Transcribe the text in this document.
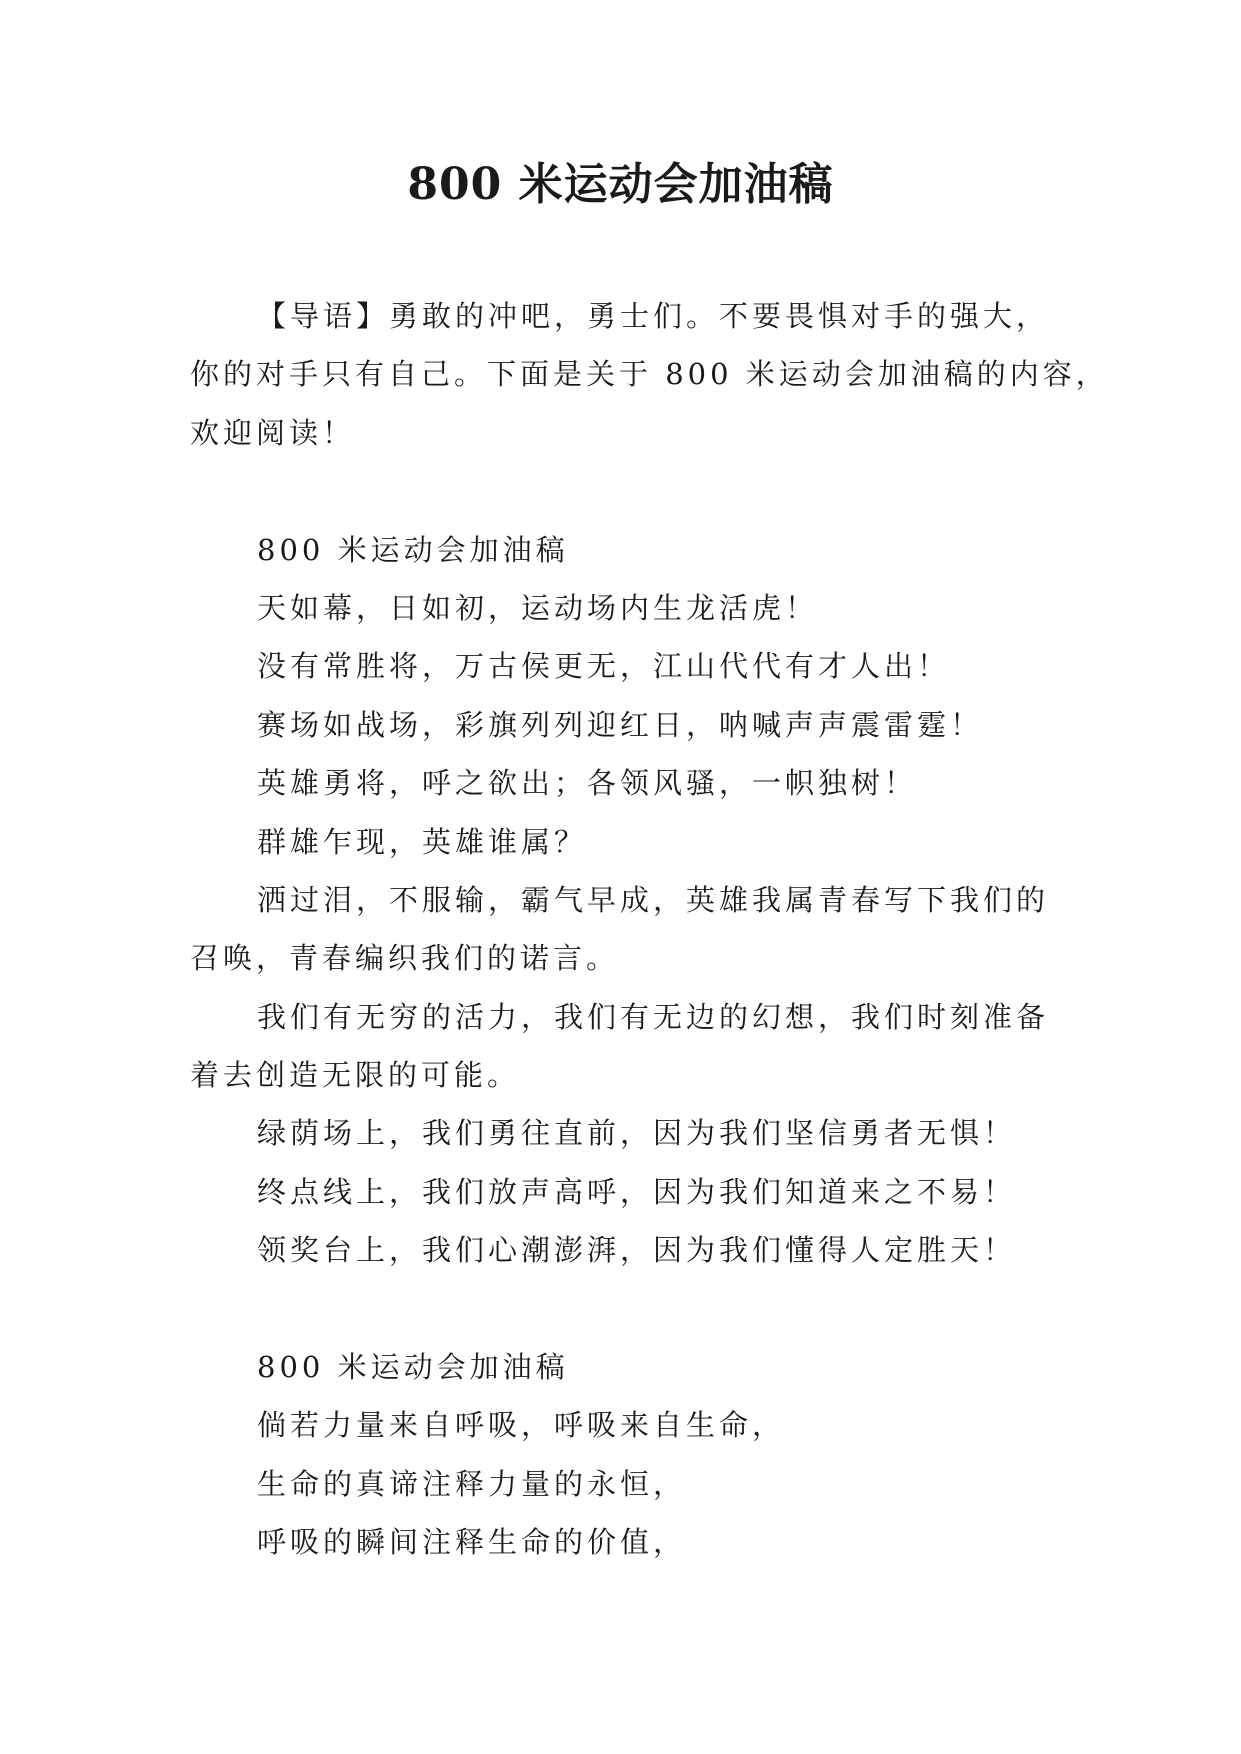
800 米运动会加油稿
【导语】勇敢的冲吧，勇士们。不要畏惧对手的强大，
你的对手只有自己。下面是关于 800 米运动会加油稿的内容，
欢迎阅读！
800 米运动会加油稿
天如幕，日如初，运动场内生龙活虎！
没有常胜将，万古侯更无，江山代代有才人出！
赛场如战场，彩旗列列迎红日，呐喊声声震雷霆！
英雄勇将，呼之欲出；各领风骚，一帜独树！
群雄乍现，英雄谁属？
洒过泪，不服输，霸气早成，英雄我属青春写下我们的
召唤，青春编织我们的诺言。
我们有无穷的活力，我们有无边的幻想，我们时刻准备
着去创造无限的可能。
绿荫场上，我们勇往直前，因为我们坚信勇者无惧！
终点线上，我们放声高呼，因为我们知道来之不易！
领奖台上，我们心潮澎湃，因为我们懂得人定胜天！
800 米运动会加油稿
倘若力量来自呼吸，呼吸来自生命，
生命的真谛注释力量的永恒，
呼吸的瞬间注释生命的价值，
